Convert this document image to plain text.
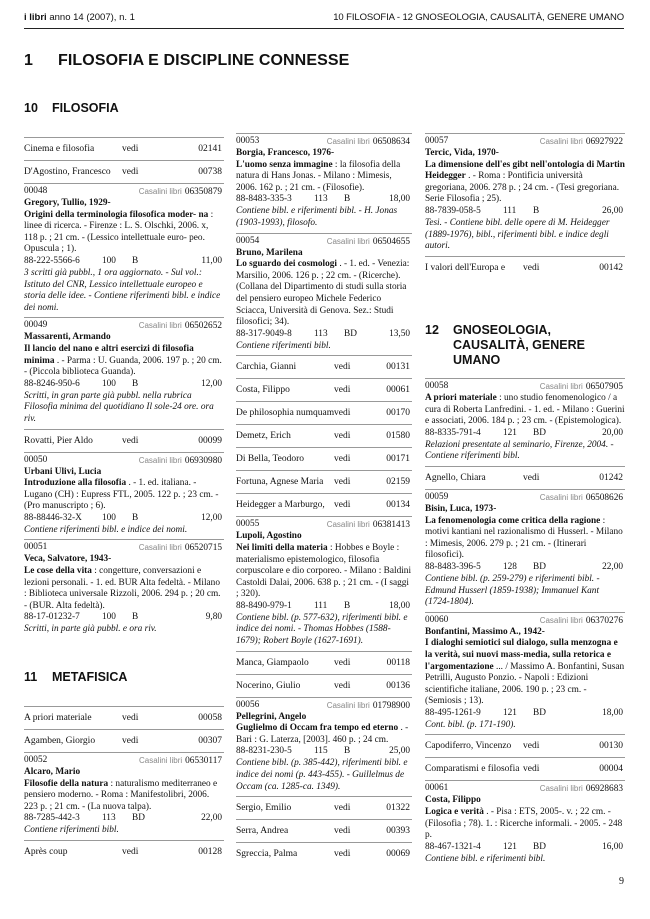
i libri anno 14 (2007), n. 1	10 FILOSOFIA - 12 GNOSEOLOGIA, CAUSALITÀ, GENERE UMANO
1 FILOSOFIA E DISCIPLINE CONNESSE
10 FILOSOFIA
Cinema e filosofia	vedi	02141
D'Agostino, Francesco vedi	00738
00048	Casalini libri 06350879
Gregory, Tullio, 1929-
Origini della terminologia filosofica moder- na : linee di ricerca. - Firenze : L. S. Olschki, 2006. x, 118 p. ; 21 cm. - (Lessico intellettuale euro- peo. Opuscula ; 1).
88-222-5566-6 100 B	11,00
3 scritti già pubbl., 1 ora aggiornato. - Sul vol.: Istituto del CNR, Lessico intellettuale europeo e storia delle idee. - Contiene riferimenti bibl. e indice dei nomi.
00049	Casalini libri 06502652
Massarenti, Armando
Il lancio del nano e altri esercizi di filosofia minima . - Parma : U. Guanda, 2006. 197 p. ; 20 cm. - (Piccola biblioteca Guanda).
88-8246-950-6 100 B	12,00
Scritti, in gran parte già pubbl. nella rubrica Filosofia minima del quotidiano Il sole-24 ore. ora riv.
Rovatti, Pier Aldo	vedi	00099
00050	Casalini libri 06930980
Urbani Ulivi, Lucia
Introduzione alla filosofia . - 1. ed. italiana. - Lugano (CH) : Eupress FTL, 2005. 122 p. ; 23 cm. - (Pro manuscripto ; 6).
88-88446-32-X 100 B	12,00
Contiene riferimenti bibl. e indice dei nomi.
00051	Casalini libri 06520715
Veca, Salvatore, 1943-
Le cose della vita : congetture, conversazioni e lezioni personali. - 1. ed. BUR Alta fedeltà. - Milano : Biblioteca universale Rizzoli, 2006. 294 p. ; 20 cm. - (BUR. Alta fedeltà).
88-17-01232-7 100 B	9,80
Scritti, in parte già pubbl. e ora riv.
11 METAFISICA
A priori materiale	vedi	00058
Agamben, Giorgio	vedi	00307
00052	Casalini libri 06530117
Alcaro, Mario
Filosofie della natura : naturalismo mediterraneo e pensiero moderno. - Roma : Manifestolibri, 2006. 223 p. ; 21 cm. - (La nuova talpa).
88-7285-442-3 113 BD	22,00
Contiene riferimenti bibl.
Après coup	vedi	00128
00053	Casalini libri 06508634
Borgia, Francesco, 1976-
L'uomo senza immagine : la filosofia della natura di Hans Jonas. - Milano : Mimesis, 2006. 162 p. ; 21 cm. - (Filosofie).
88-8483-335-3 113 B	18,00
Contiene bibl. e riferimenti bibl. - H. Jonas (1903-1993), filosofo.
00054	Casalini libri 06504655
Bruno, Marilena
Lo sguardo dei cosmologi . - 1. ed. - Venezia: Marsilio, 2006. 126 p. ; 22 cm. - (Ricerche). (Collana del Dipartimento di studi sulla storia del pensiero europeo Michele Federico Sciacca, Università di Genova. Sez.: Studi filosofici; 34).
88-317-9049-8 113 BD	13,50
Contiene riferimenti bibl.
Carchia, Gianni	vedi	00131
Costa, Filippo	vedi	00061
De philosophia numquam vedi	00170
Demetz, Erich	vedi	01580
Di Bella, Teodoro	vedi	00171
Fortuna, Agnese Maria vedi	02159
Heidegger a Marburgo, vedi	00134
00055	Casalini libri 06381413
Lupoli, Agostino
Nei limiti della materia : Hobbes e Boyle : materialismo epistemologico, filosofia corpuscolare e dio corporeo. - Milano : Baldini Castoldi Dalai, 2006. 638 p. ; 21 cm. - (I saggi ; 320).
88-8490-979-1 111 B	18,00
Contiene bibl. (p. 577-632), riferimenti bibl. e indice dei nomi. - Thomas Hobbes (1588-1679); Robert Boyle (1627-1691).
Manca, Giampaolo	vedi	00118
Nocerino, Giulio	vedi	00136
00056	Casalini libri 01798900
Pellegrini, Angelo
Guglielmo di Occam fra tempo ed eterno . - Bari : G. Laterza, [2003]. 460 p. ; 24 cm.
88-8231-230-5 115 B	25,00
Contiene bibl. (p. 385-442), riferimenti bibl. e indice dei nomi (p. 443-455). - Guillelmus de Occam (ca. 1285-ca. 1349).
Sergio, Emilio	vedi	01322
Serra, Andrea	vedi	00393
Sgreccia, Palma	vedi	00069
00057	Casalini libri 06927922
Tercic, Vida, 1970-
La dimensione dell'es gibt nell'ontologia di Martin Heidegger . - Roma : Pontificia università gregoriana, 2006. 278 p. ; 24 cm. - (Tesi gregoriana. Serie Filosofia ; 25).
88-7839-058-5 111 B	26,00
Tesi. - Contiene bibl. delle opere di M. Heidegger (1889-1976), bibl., riferimenti bibl. e indice degli autori.
I valori dell'Europa e vedi	00142
12 GNOSEOLOGIA,
CAUSALITÀ, GENERE
UMANO
00058	Casalini libri 06507905
A priori materiale : uno studio fenomenologico / a cura di Roberta Lanfredini. - 1. ed. - Milano : Guerini e associati, 2006. 184 p. ; 23 cm. - (Epistemologica).
88-8335-791-4 121 BD	20,00
Relazioni presentate al seminario, Firenze, 2004. - Contiene riferimenti bibl.
Agnello, Chiara	vedi	01242
00059	Casalini libri 06508626
Bisin, Luca, 1973-
La fenomenologia come critica della ragione : motivi kantiani nel razionalismo di Husserl. - Milano : Mimesis, 2006. 279 p. ; 21 cm. - (Itinerari filosofici).
88-8483-396-5 128 BD	22,00
Contiene bibl. (p. 259-279) e riferimenti bibl. - Edmund Husserl (1859-1938); Immanuel Kant (1724-1804).
00060	Casalini libri 06370276
Bonfantini, Massimo A., 1942-
I dialoghi semiotici sul dialogo, sulla menzogna e la verità, sui nuovi mass-media, sulla retorica e l'argomentazione ... / Massimo A. Bonfantini, Susan Petrilli, Augusto Ponzio. - Napoli : Edizioni scientifiche italiane, 2006. 190 p. ; 23 cm. - (Semiosis ; 13).
88-495-1261-9 121 BD	18,00
Cont. bibl. (p. 171-190).
Capodiferro, Vincenzo vedi	00130
Comparatismi e filosofia vedi	00004
00061	Casalini libri 06928683
Costa, Filippo
Logica e verità . - Pisa : ETS, 2005-. v. ; 22 cm. - (Filosofia ; 78). 1. : Ricerche informali. - 2005. - 248 p.
88-467-1321-4 121 BD	16,00
Contiene bibl. e riferimenti bibl.
9
